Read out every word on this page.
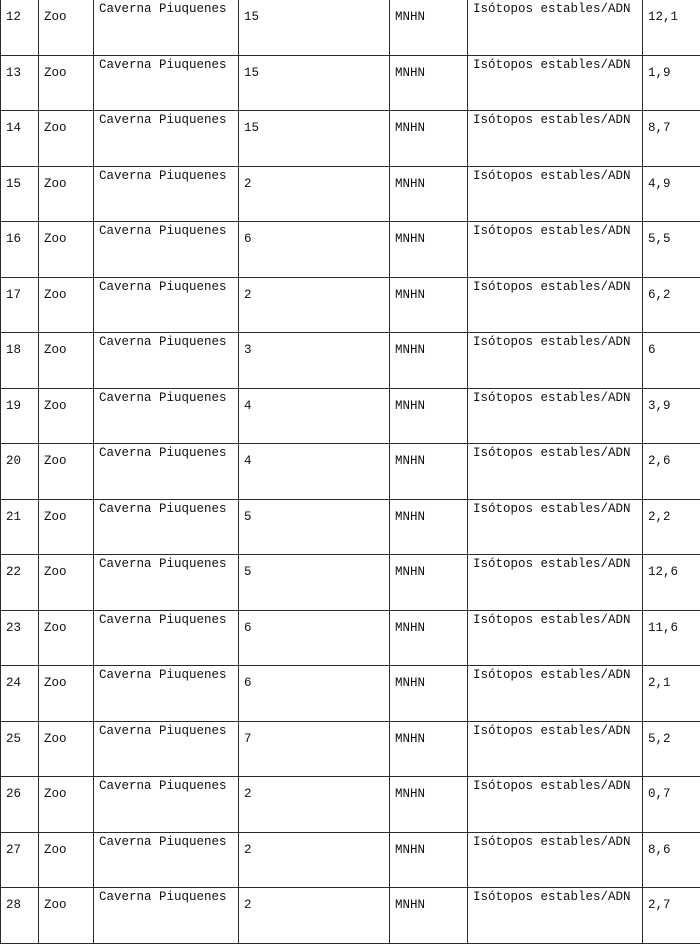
12	Zoo	Caverna Piuquenes	15	MNHN	Isótopos estables/ADN	12,1
13	Zoo	Caverna Piuquenes	15	MNHN	Isótopos estables/ADN	1,9
14	Zoo	Caverna Piuquenes	15	MNHN	Isótopos estables/ADN	8,7
15	Zoo	Caverna Piuquenes	2	MNHN	Isótopos estables/ADN	4,9
16	Zoo	Caverna Piuquenes	6	MNHN	Isótopos estables/ADN	5,5
17	Zoo	Caverna Piuquenes	2	MNHN	Isótopos estables/ADN	6,2
18	Zoo	Caverna Piuquenes	3	MNHN	Isótopos estables/ADN	6
19	Zoo	Caverna Piuquenes	4	MNHN	Isótopos estables/ADN	3,9
20	Zoo	Caverna Piuquenes	4	MNHN	Isótopos estables/ADN	2,6
21	Zoo	Caverna Piuquenes	5	MNHN	Isótopos estables/ADN	2,2
22	Zoo	Caverna Piuquenes	5	MNHN	Isótopos estables/ADN	12,6
23	Zoo	Caverna Piuquenes	6	MNHN	Isótopos estables/ADN	11,6
24	Zoo	Caverna Piuquenes	6	MNHN	Isótopos estables/ADN	2,1
25	Zoo	Caverna Piuquenes	7	MNHN	Isótopos estables/ADN	5,2
26	Zoo	Caverna Piuquenes	2	MNHN	Isótopos estables/ADN	0,7
27	Zoo	Caverna Piuquenes	2	MNHN	Isótopos estables/ADN	8,6
28	Zoo	Caverna Piuquenes	2	MNHN	Isótopos estables/ADN	2,7
